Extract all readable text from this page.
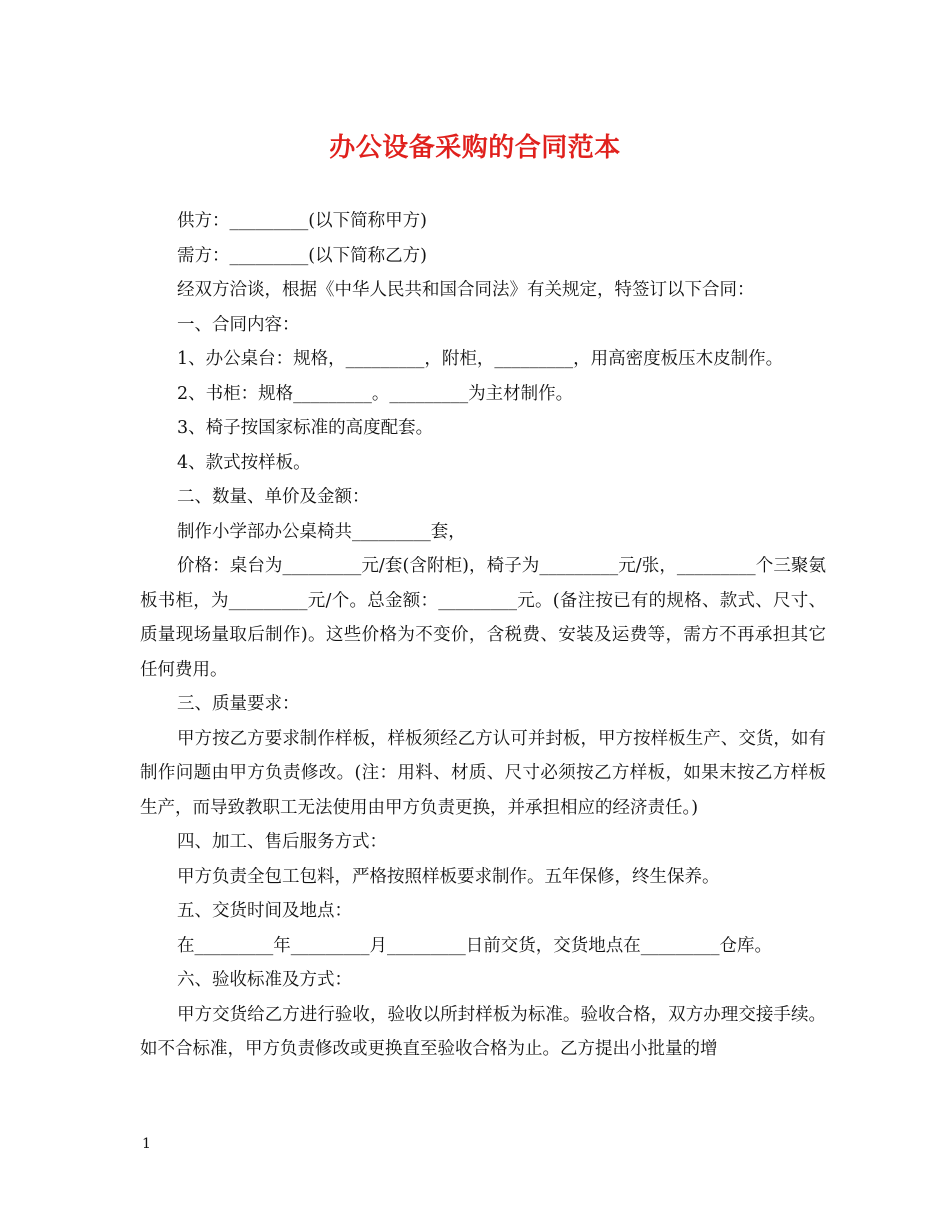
办公设备采购的合同范本

供方：_________(以下简称甲方)

需方：_________(以下简称乙方)

经双方洽谈，根据《中华人民共和国合同法》有关规定，特签订以下合同：

一、合同内容：

1、办公桌台：规格，_________，附柜，_________，用高密度板压木皮制作。

2、书柜：规格_________。_________为主材制作。

3、椅子按国家标准的高度配套。

4、款式按样板。

二、数量、单价及金额：

制作小学部办公桌椅共_________套，

价格：桌台为_________元/套(含附柜)，椅子为_________元/张，_________个三聚氨板书柜，为_________元/个。总金额：_________元。(备注按已有的规格、款式、尺寸、质量现场量取后制作)。这些价格为不变价，含税费、安装及运费等，需方不再承担其它任何费用。

三、质量要求：

甲方按乙方要求制作样板，样板须经乙方认可并封板，甲方按样板生产、交货，如有制作问题由甲方负责修改。(注：用料、材质、尺寸必须按乙方样板，如果末按乙方样板生产，而导致教职工无法使用由甲方负责更换，并承担相应的经济责任。)

四、加工、售后服务方式：

甲方负责全包工包料，严格按照样板要求制作。五年保修，终生保养。

五、交货时间及地点：

在_________年_________月_________日前交货，交货地点在_________仓库。

六、验收标准及方式：

甲方交货给乙方进行验收，验收以所封样板为标准。验收合格，双方办理交接手续。如不合标准，甲方负责修改或更换直至验收合格为止。乙方提出小批量的增

1
